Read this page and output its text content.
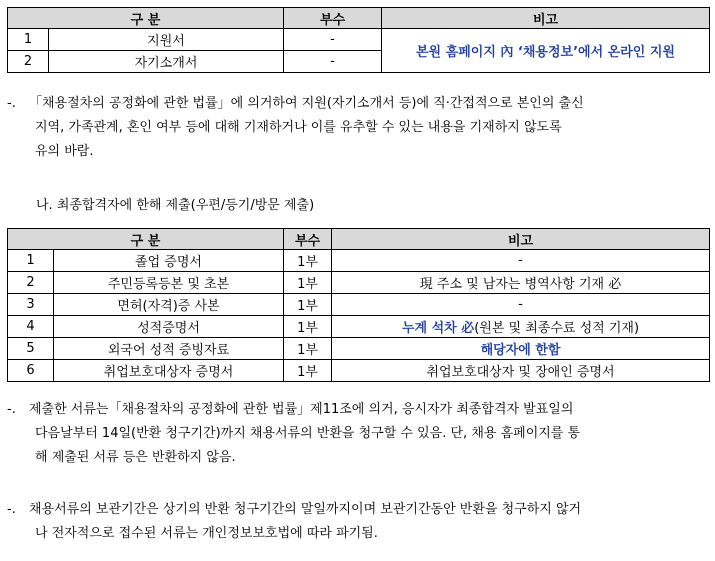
구 분		부수	비고
1	지원서	-	본원 홈페이지 內 ‘채용정보’에서 온라인 지원
2	자기소개서	-	
-. 「채용절차의 공정화에 관한 법률」에 의거하여 지원(자기소개서 등)에 직·간접적으로 본인의 출신
지역, 가족관계, 혼인 여부 등에 대해 기재하거나 이를 유추할 수 있는 내용을 기재하지 않도록
유의 바람.

나. 최종합격자에 한해 제출(우편/등기/방문 제출)

구 분		부수	비고
1	졸업 증명서	1부	-
2	주민등록등본 및 초본	1부	現 주소 및 남자는 병역사항 기재 必
3	면허(자격)증 사본	1부	-
4	성적증명서	1부	누계 석차 必(원본 및 최종수료 성적 기재)
5	외국어 성적 증빙자료	1부	해당자에 한함
6	취업보호대상자 증명서	1부	취업보호대상자 및 장애인 증명서
-. 제출한 서류는「채용절차의 공정화에 관한 법률」제11조에 의거, 응시자가 최종합격자 발표일의
다음날부터 14일(반환 청구기간)까지 채용서류의 반환을 청구할 수 있음. 단, 채용 홈페이지를 통
해 제출된 서류 등은 반환하지 않음.
-. 채용서류의 보관기간은 상기의 반환 청구기간의 말일까지이며 보관기간동안 반환을 청구하지 않거
나 전자적으로 접수된 서류는 개인정보보호법에 따라 파기됨.
